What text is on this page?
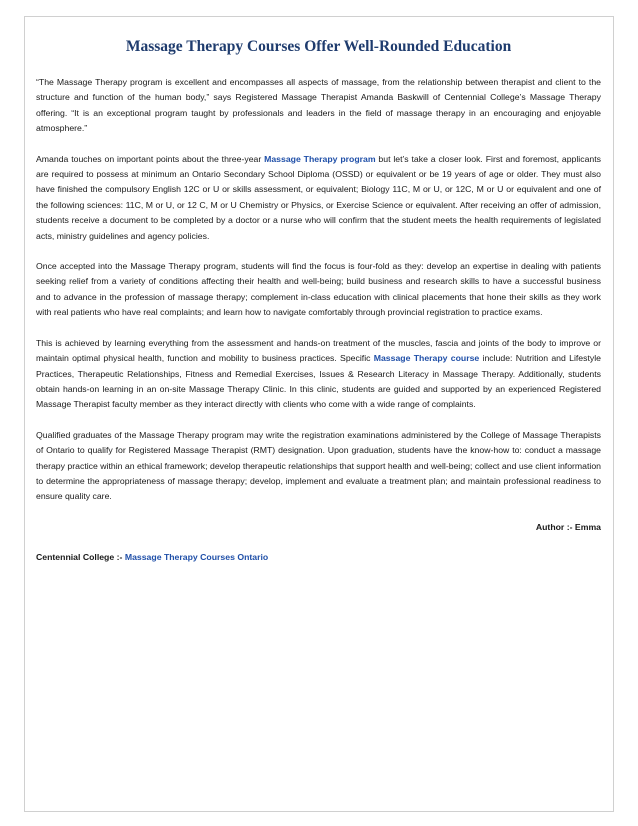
Massage Therapy Courses Offer Well-Rounded Education

“The Massage Therapy program is excellent and encompasses all aspects of massage, from the relationship between therapist and client to the structure and function of the human body,” says Registered Massage Therapist Amanda Baskwill of Centennial College’s Massage Therapy offering. “It is an exceptional program taught by professionals and leaders in the field of massage therapy in an encouraging and enjoyable atmosphere.”

Amanda touches on important points about the three-year Massage Therapy program but let’s take a closer look. First and foremost, applicants are required to possess at minimum an Ontario Secondary School Diploma (OSSD) or equivalent or be 19 years of age or older. They must also have finished the compulsory English 12C or U or skills assessment, or equivalent; Biology 11C, M or U, or 12C, M or U or equivalent and one of the following sciences: 11C, M or U, or 12 C, M or U Chemistry or Physics, or Exercise Science or equivalent. After receiving an offer of admission, students receive a document to be completed by a doctor or a nurse who will confirm that the student meets the health requirements of legislated acts, ministry guidelines and agency policies.

Once accepted into the Massage Therapy program, students will find the focus is four-fold as they: develop an expertise in dealing with patients seeking relief from a variety of conditions affecting their health and well-being; build business and research skills to have a successful business and to advance in the profession of massage therapy; complement in-class education with clinical placements that hone their skills as they work with real patients who have real complaints; and learn how to navigate comfortably through provincial registration to practice exams.

This is achieved by learning everything from the assessment and hands-on treatment of the muscles, fascia and joints of the body to improve or maintain optimal physical health, function and mobility to business practices. Specific Massage Therapy course include: Nutrition and Lifestyle Practices, Therapeutic Relationships, Fitness and Remedial Exercises, Issues & Research Literacy in Massage Therapy. Additionally, students obtain hands-on learning in an on-site Massage Therapy Clinic. In this clinic, students are guided and supported by an experienced Registered Massage Therapist faculty member as they interact directly with clients who come with a wide range of complaints.

Qualified graduates of the Massage Therapy program may write the registration examinations administered by the College of Massage Therapists of Ontario to qualify for Registered Massage Therapist (RMT) designation. Upon graduation, students have the know-how to: conduct a massage therapy practice within an ethical framework; develop therapeutic relationships that support health and well-being; collect and use client information to determine the appropriateness of massage therapy; develop, implement and evaluate a treatment plan; and maintain professional readiness to ensure quality care.

Author :- Emma
Centennial College :- Massage Therapy Courses Ontario
